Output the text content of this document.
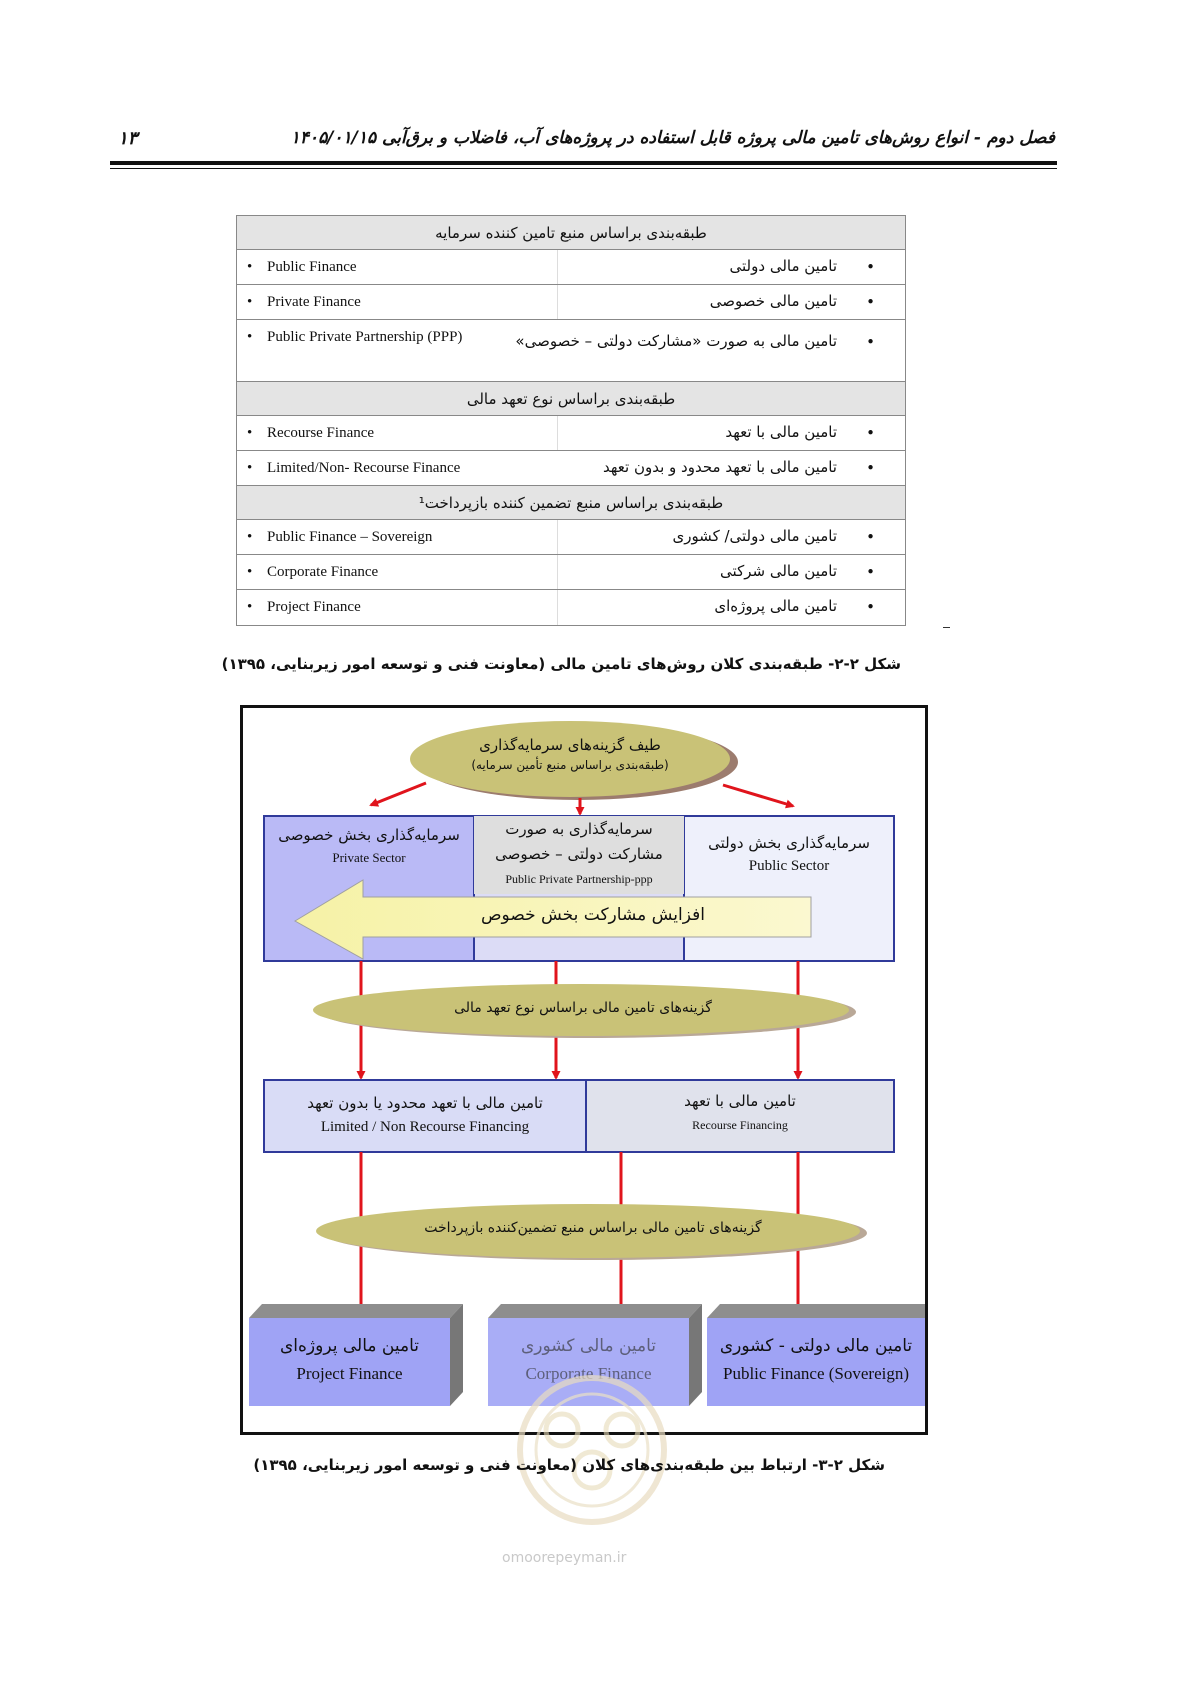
فصل دوم - انواع روش‌های تامین مالی پروژه قابل استفاده در پروژه‌های آب، فاضلاب و برق‌آبی ۱۴۰۵/۰۱/۱۵
۱۳
طبقه‌بندی براساس منبع تامین کننده سرمایه
• Public Finance	تامین مالی دولتی •
• Private Finance	تامین مالی خصوصی •
• Public Private Partnership (PPP)	تامین مالی به صورت «مشارکت دولتی – خصوصی» •
طبقه‌بندی براساس نوع تعهد مالی
• Recourse Finance	تامین مالی با تعهد •
• Limited/Non- Recourse Finance	تامین مالی با تعهد محدود و بدون تعهد •
طبقه‌بندی براساس منبع تضمین کننده بازپرداخت¹
• Public Finance – Sovereign	تامین مالی دولتی/ کشوری •
• Corporate Finance	تامین مالی شرکتی •
• Project Finance	تامین مالی پروژه‌ای •
شکل ۲-۲- طبقه‌بندی کلان روش‌های تامین مالی (معاونت فنی و توسعه امور زیربنایی، ۱۳۹۵)
طیف گزینه‌های سرمایه‌گذاری
(طبقه‌بندی براساس منبع تأمین سرمایه)
سرمایه‌گذاری بخش خصوصی
Private Sector
سرمایه‌گذاری به صورت
مشارکت دولتی – خصوصی
Public Private Partnership-ppp
سرمایه‌گذاری بخش دولتی
Public Sector
افزایش مشارکت بخش خصوص
گزینه‌های تامین مالی براساس نوع تعهد مالی
تامین مالی با تعهد محدود یا بدون تعهد
Limited / Non Recourse Financing
تامین مالی با تعهد
Recourse Financing
گزینه‌های تامین مالی براساس منبع تضمین‌کننده بازپرداخت
تامین مالی پروژه‌ای
Project Finance
تامین مالی کشوری
Corporate Finance
تامین مالی دولتی - کشوری
Public Finance (Sovereign)
omoorepeyman.ir
شکل ۲-۳- ارتباط بین طبقه‌بندی‌های کلان (معاونت فنی و توسعه امور زیربنایی، ۱۳۹۵)
